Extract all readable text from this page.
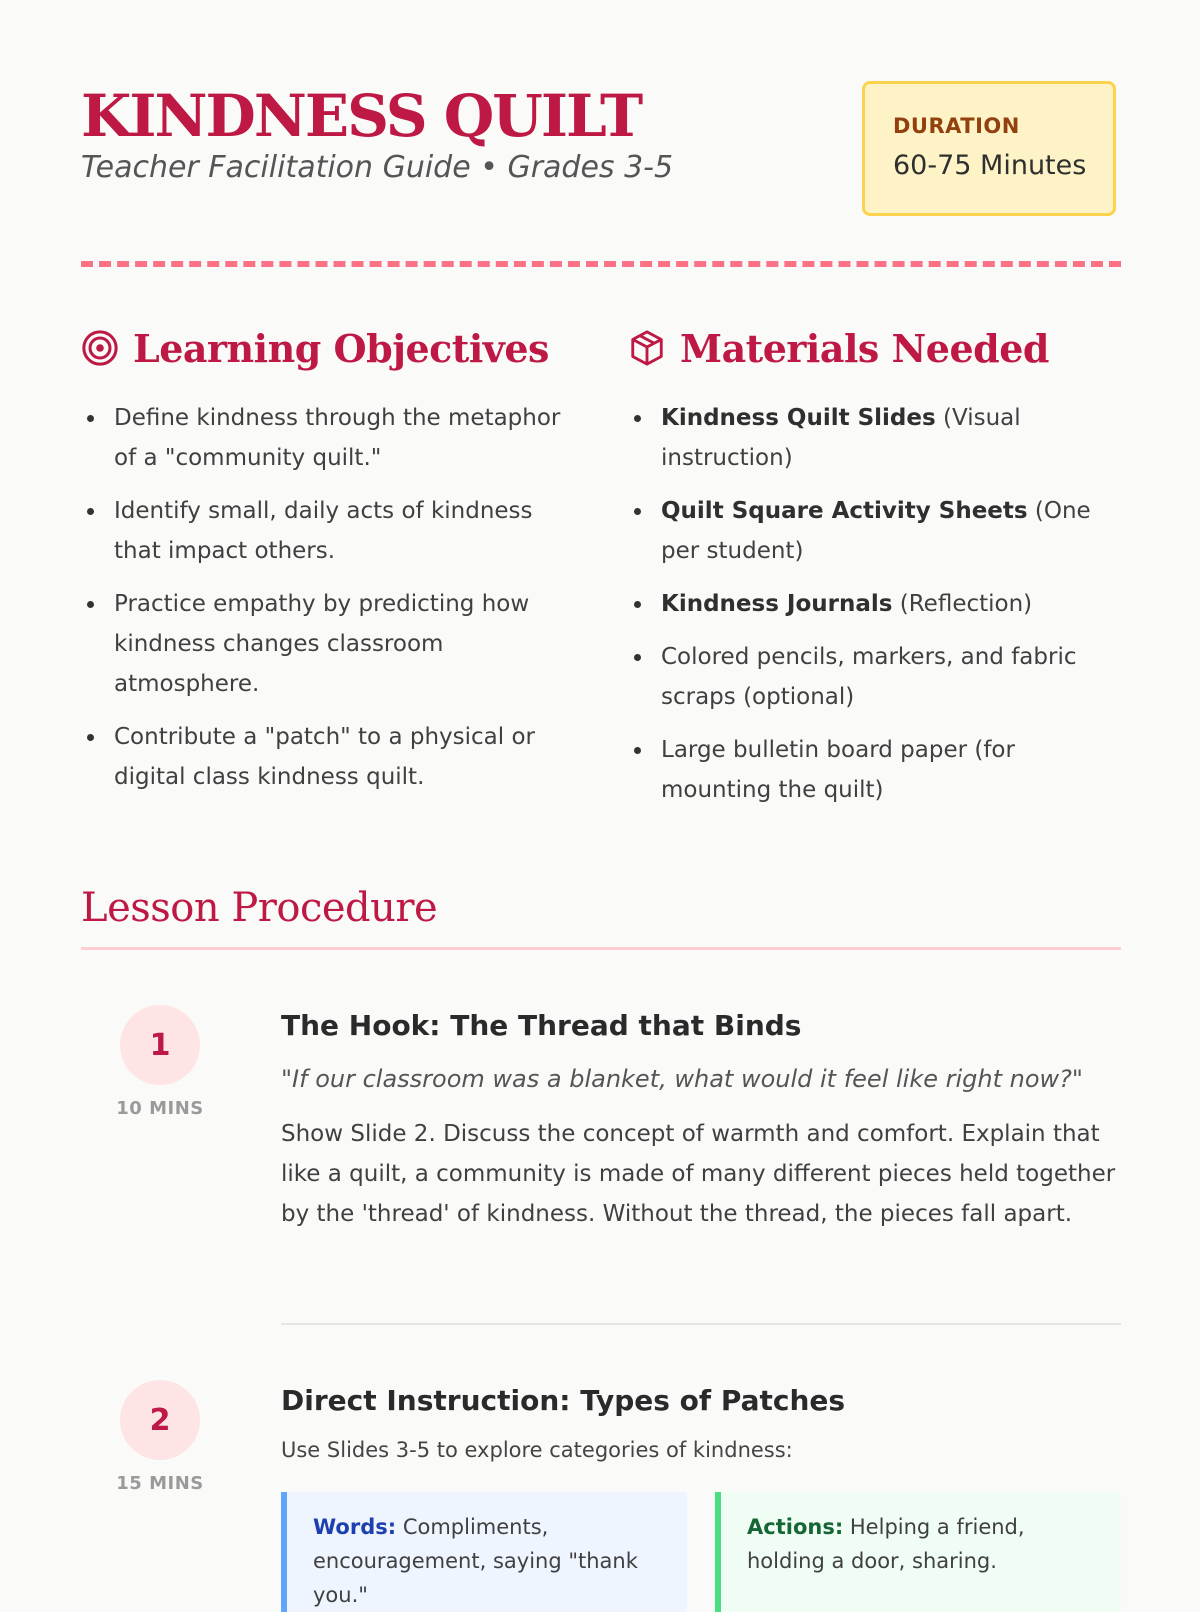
KINDNESS QUILT
Teacher Facilitation Guide • Grades 3-5
DURATION
60-75 Minutes
Learning Objectives
Define kindness through the metaphor of a "community quilt."
Identify small, daily acts of kindness that impact others.
Practice empathy by predicting how kindness changes classroom atmosphere.
Contribute a "patch" to a physical or digital class kindness quilt.
Materials Needed
Kindness Quilt Slides (Visual instruction)
Quilt Square Activity Sheets (One per student)
Kindness Journals (Reflection)
Colored pencils, markers, and fabric scraps (optional)
Large bulletin board paper (for mounting the quilt)
Lesson Procedure
1
10 MINS
The Hook: The Thread that Binds
"If our classroom was a blanket, what would it feel like right now?"
Show Slide 2. Discuss the concept of warmth and comfort. Explain that like a quilt, a community is made of many different pieces held together by the 'thread' of kindness. Without the thread, the pieces fall apart.
2
15 MINS
Direct Instruction: Types of Patches
Use Slides 3-5 to explore categories of kindness:
Words: Compliments, encouragement, saying "thank you."
Actions: Helping a friend, holding a door, sharing.
